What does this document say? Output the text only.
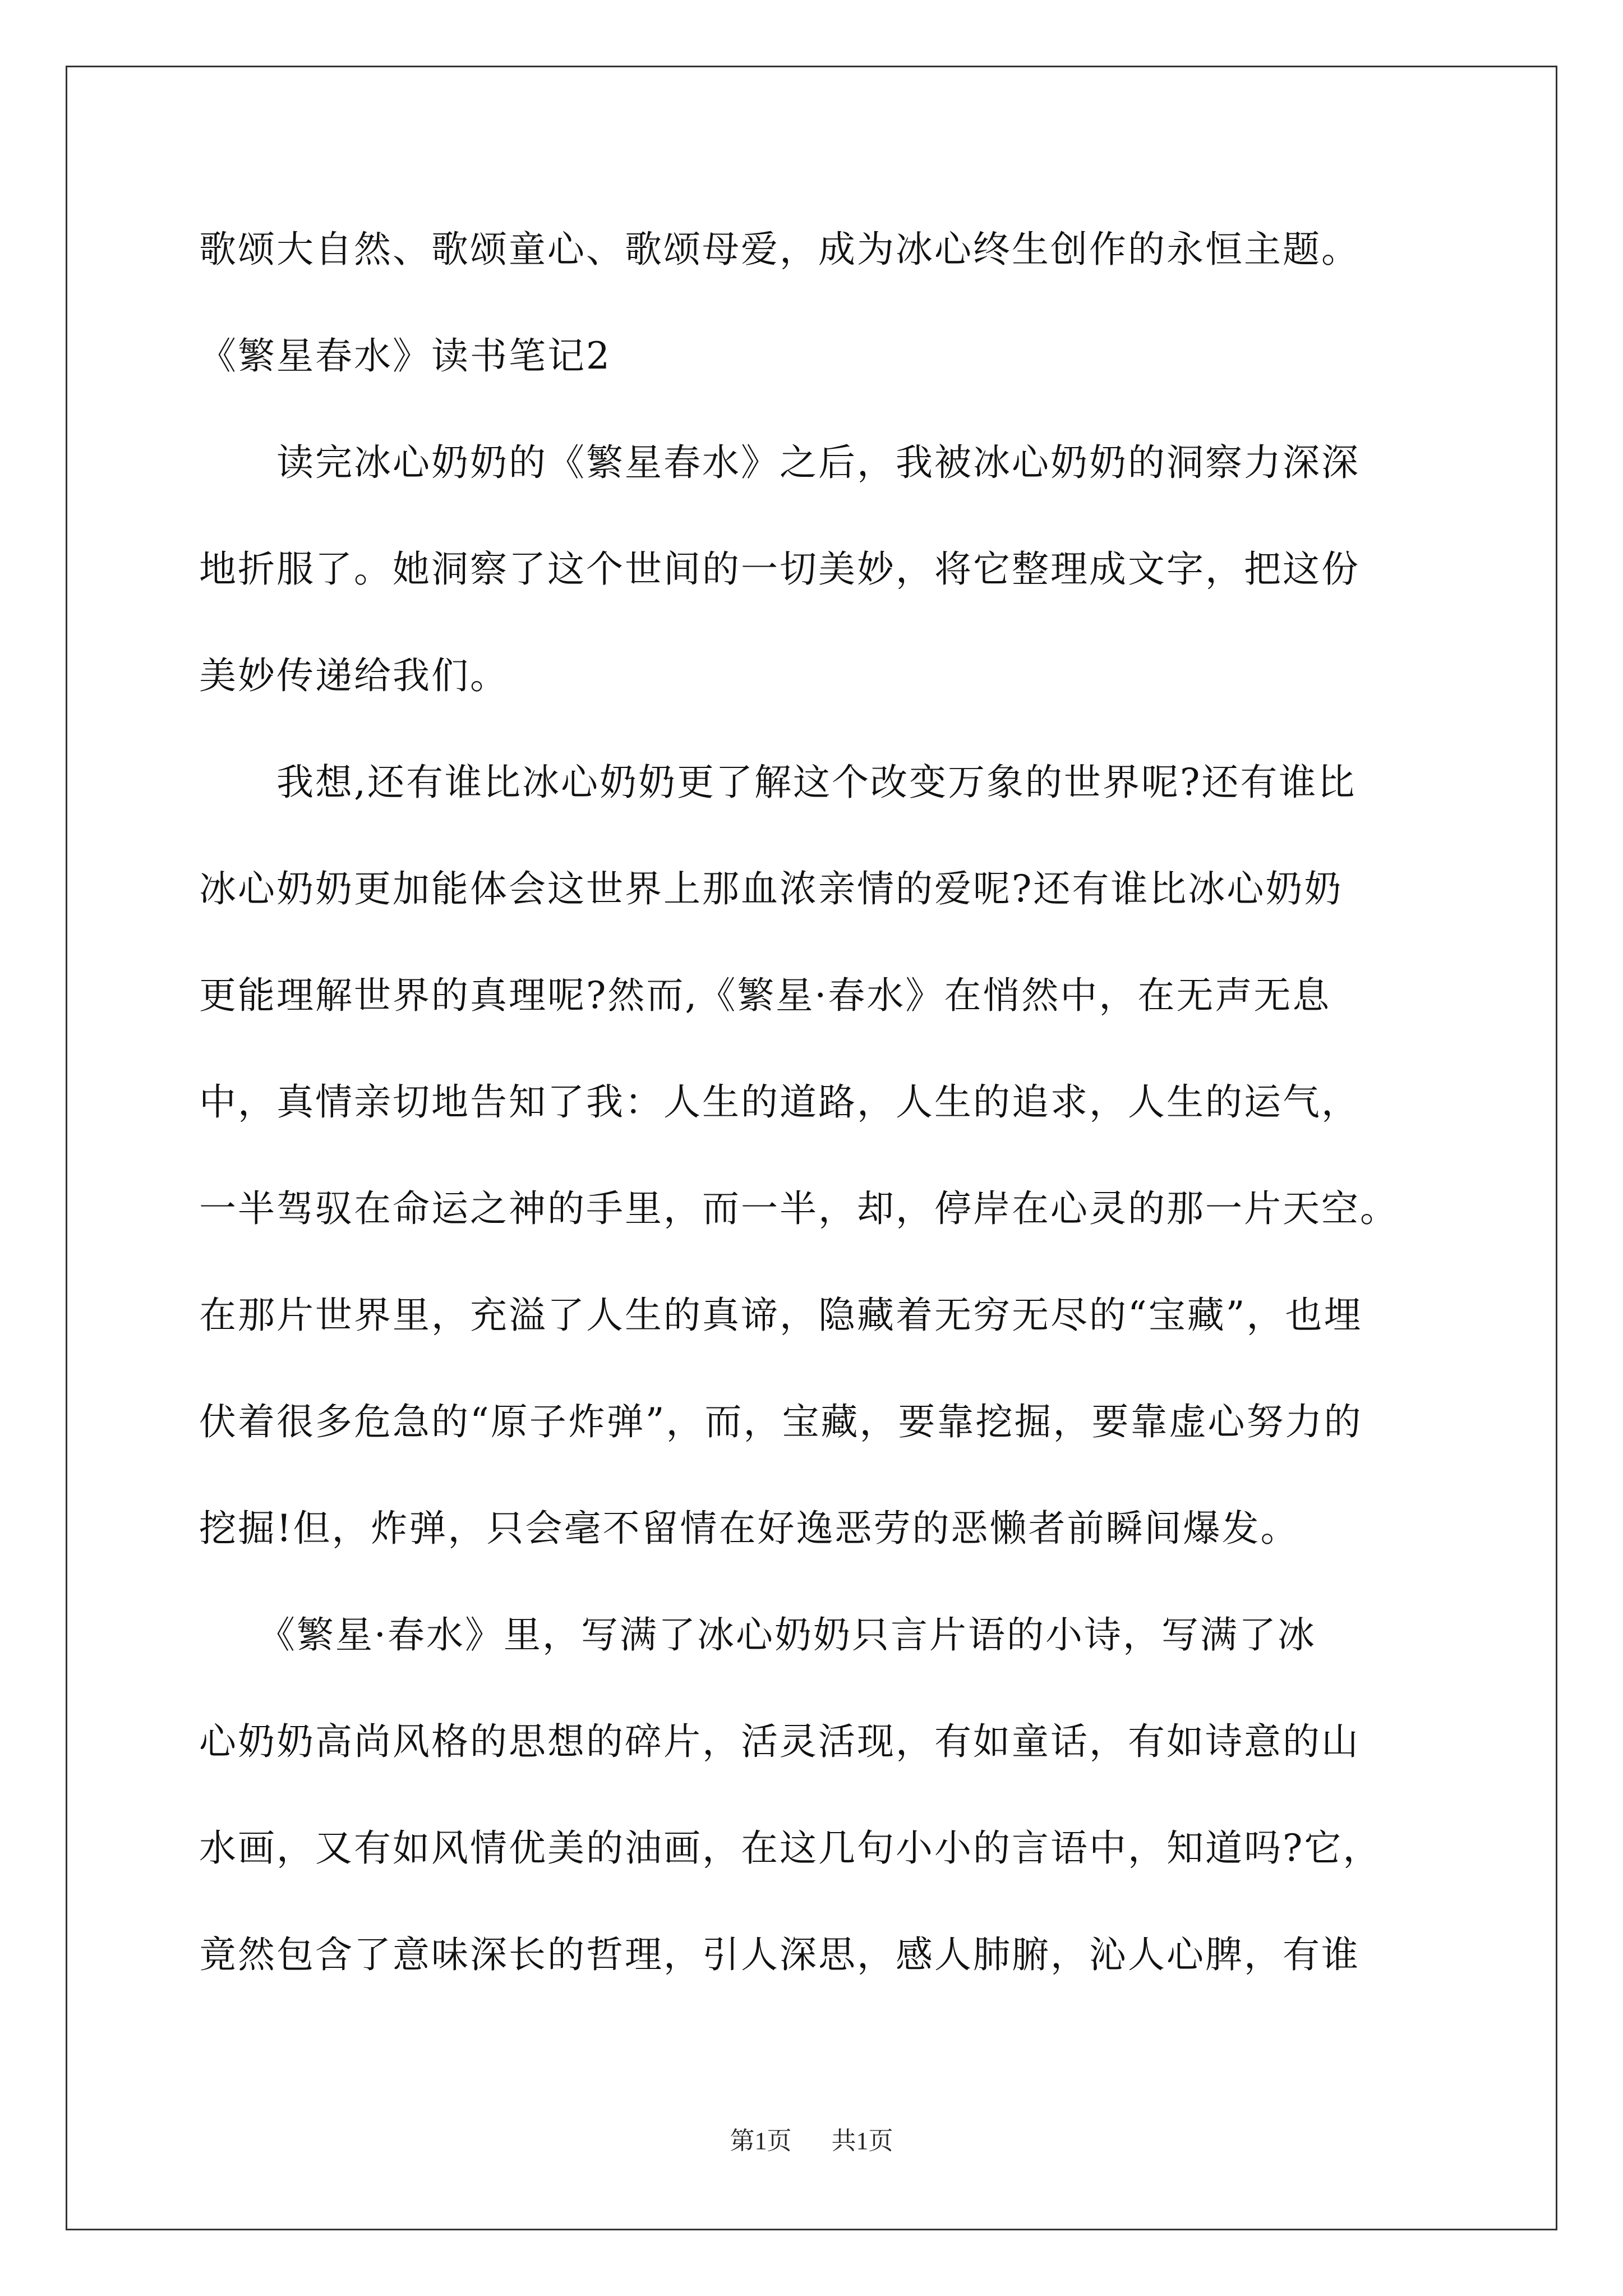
歌颂大自然、歌颂童心、歌颂母爱，成为冰心终生创作的永恒主题。
《繁星春水》读书笔记2
　　读完冰心奶奶的《繁星春水》之后，我被冰心奶奶的洞察力深深
地折服了。她洞察了这个世间的一切美妙，将它整理成文字，把这份
美妙传递给我们。
　　我想,还有谁比冰心奶奶更了解这个改变万象的世界呢?还有谁比
冰心奶奶更加能体会这世界上那血浓亲情的爱呢?还有谁比冰心奶奶
更能理解世界的真理呢?然而,《繁星·春水》在悄然中，在无声无息
中，真情亲切地告知了我：人生的道路，人生的追求，人生的运气，
一半驾驭在命运之神的手里，而一半，却，停岸在心灵的那一片天空。
在那片世界里，充溢了人生的真谛，隐藏着无穷无尽的“宝藏”，也埋
伏着很多危急的“原子炸弹”，而，宝藏，要靠挖掘，要靠虚心努力的
挖掘!但，炸弹，只会毫不留情在好逸恶劳的恶懒者前瞬间爆发。
　　《繁星·春水》里，写满了冰心奶奶只言片语的小诗，写满了冰
心奶奶高尚风格的思想的碎片，活灵活现，有如童话，有如诗意的山
水画，又有如风情优美的油画，在这几句小小的言语中，知道吗?它，
竟然包含了意味深长的哲理，引人深思，感人肺腑，沁人心脾，有谁
第1页 共1页
